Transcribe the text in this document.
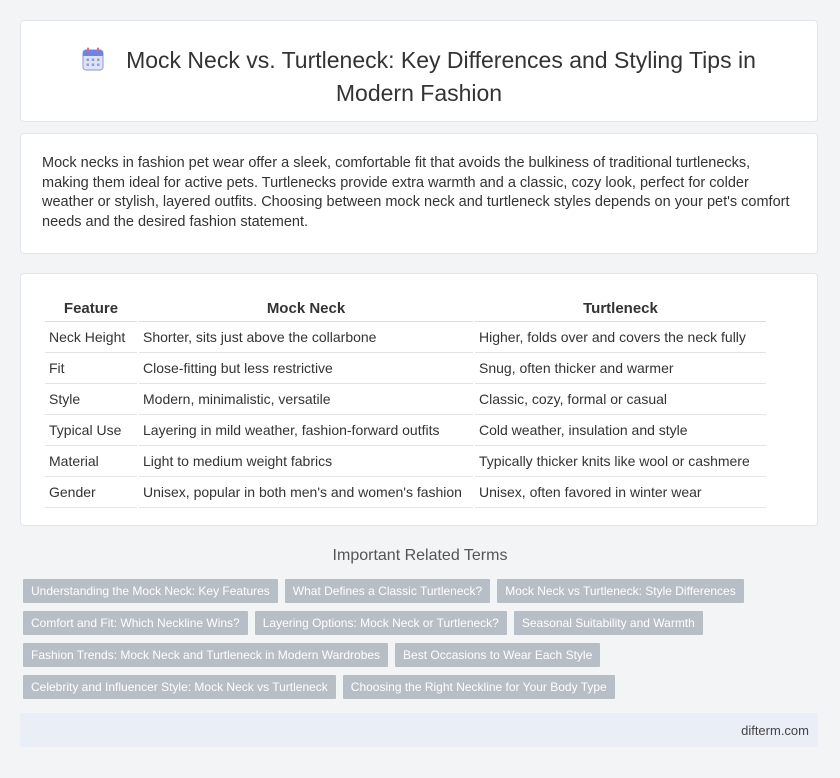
Mock Neck vs. Turtleneck: Key Differences and Styling Tips in
Modern Fashion

Mock necks in fashion pet wear offer a sleek, comfortable fit that avoids the bulkiness of traditional turtlenecks, making them ideal for active pets. Turtlenecks provide extra warmth and a classic, cozy look, perfect for colder weather or stylish, layered outfits. Choosing between mock neck and turtleneck styles depends on your pet's comfort needs and the desired fashion statement.

Feature	Mock Neck	Turtleneck
Neck Height	Shorter, sits just above the collarbone	Higher, folds over and covers the neck fully
Fit	Close-fitting but less restrictive	Snug, often thicker and warmer
Style	Modern, minimalistic, versatile	Classic, cozy, formal or casual
Typical Use	Layering in mild weather, fashion-forward outfits	Cold weather, insulation and style
Material	Light to medium weight fabrics	Typically thicker knits like wool or cashmere
Gender	Unisex, popular in both men's and women's fashion	Unisex, often favored in winter wear
Important Related Terms
Understanding the Mock Neck: Key Features What Defines a Classic Turtleneck? Mock Neck vs Turtleneck: Style Differences
Comfort and Fit: Which Neckline Wins? Layering Options: Mock Neck or Turtleneck? Seasonal Suitability and Warmth
Fashion Trends: Mock Neck and Turtleneck in Modern Wardrobes Best Occasions to Wear Each Style
Celebrity and Influencer Style: Mock Neck vs Turtleneck Choosing the Right Neckline for Your Body Type
difterm.com
